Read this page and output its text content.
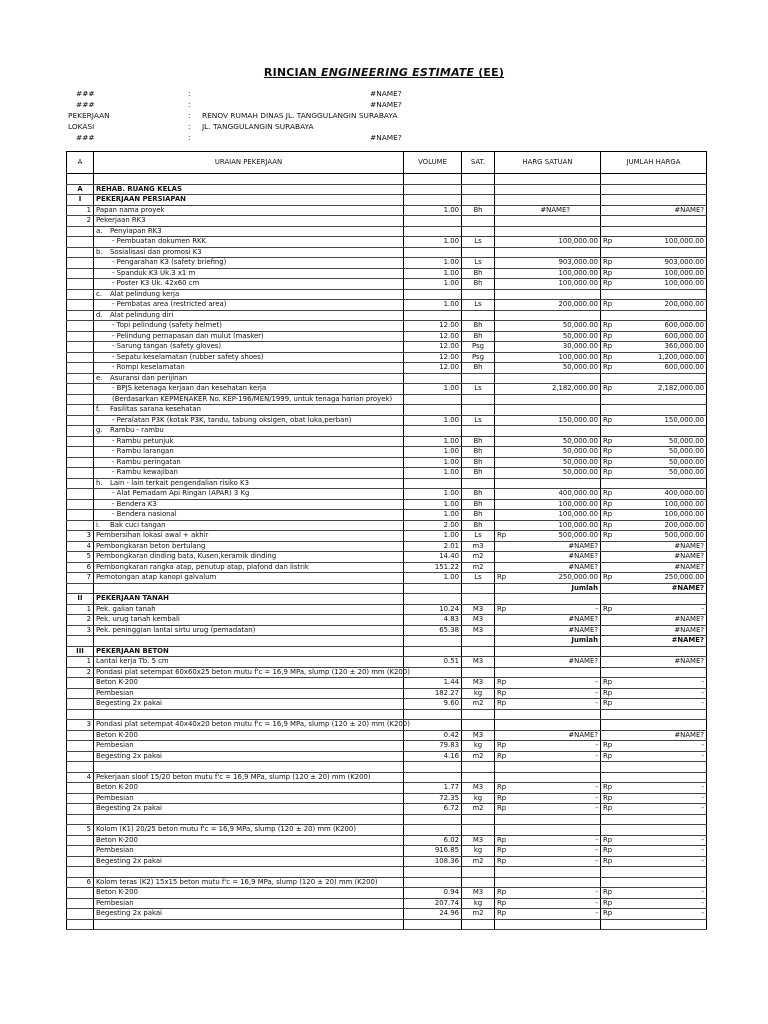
RINCIAN ENGINEERING ESTIMATE (EE)
###	:	#NAME?
###	:	#NAME?
PEKERJAAN	: RENOV RUMAH DINAS JL. TANGGULANGIN SURABAYA
LOKASI	: JL. TANGGULANGIN SURABAYA
###	:	#NAME?
A	URAIAN PEKERJAAN	VOLUME	SAT.	HARG SATUAN	JUMLAH HARGA

A	REHAB. RUANG KELAS				
I	PEKERJAAN PERSIAPAN				
1	Papan nama proyek	1.00	Bh	#NAME?	#NAME?
2	Pekerjaan RK3				
	a. Penyiapan RK3				
	- Pembuatan dokumen RKK	1.00	Ls	100,000.00	Rp 100,000.00

	b. Sosialisasi dan promosi K3				
	- Pengarahan K3 (safety briefing)	1.00	Ls	903,000.00	Rp 903,000.00

	- Spanduk K3 Uk.3 x1 m	1.00	Bh	100,000.00	Rp 100,000.00

	- Poster K3 Uk. 42x60 cm	1.00	Bh	100,000.00	Rp 100,000.00

	c. Alat pelindung kerja				
	- Pembatas area (restricted area)	1.00	Ls	200,000.00	Rp 200,000.00

	d. Alat pelindung diri				
	- Topi pelindung (safety helmet)	12.00	Bh	50,000.00	Rp 600,000.00

	- Pelindung pernapasan dan mulut (masker)	12.00	Bh	50,000.00	Rp 600,000.00

	- Sarung tangan (safety gloves)	12.00	Psg	30,000.00	Rp 360,000.00

	- Sepatu keselamatan (rubber safety shoes)	12.00	Psg	100,000.00	Rp 1,200,000.00

	- Rompi keselamatan	12.00	Bh	50,000.00	Rp 600,000.00

	e. Asuransi dan perijinan				
	- BPJS ketenaga kerjaan dan kesehatan kerja	1.00	Ls	2,182,000.00	Rp 2,182,000.00

	(Berdasarkan KEPMENAKER No. KEP-196/MEN/1999, untuk tenaga harian proyek)				
	f. Fasilitas sarana kesehatan				
	- Peralatan P3K (kotak P3K, tandu, tabung oksigen, obat luka,perban)	1.00	Ls	150,000.00	Rp 150,000.00

	g. Rambu - rambu				
	- Rambu petunjuk	1.00	Bh	50,000.00	Rp 50,000.00

	- Rambu larangan	1.00	Bh	50,000.00	Rp 50,000.00

	- Rambu peringatan	1.00	Bh	50,000.00	Rp 50,000.00

	- Rambu kewajiban	1.00	Bh	50,000.00	Rp 50,000.00

	h. Lain - lain terkait pengendalian risiko K3				
	- Alat Pemadam Api Ringan (APAR) 3 Kg	1.00	Bh	400,000.00	Rp 400,000.00

	- Bendera K3	1.00	Bh	100,000.00	Rp 100,000.00

	- Bendera nasional	1.00	Bh	100,000.00	Rp 100,000.00

	i. Bak cuci tangan	2.00	Bh	100,000.00	Rp 200,000.00

3	Pembersihan lokasi awal + akhir	1.00	Ls	Rp 500,000.00	Rp 500,000.00

4	Pembongkaran beton bertulang	2.01	m3	#NAME?	#NAME?
5	Pembongkaran dinding bata, Kusen,keramik dinding	14.40	m2	#NAME?	#NAME?
6	Pembongkaran rangka atap, penutup atap, plafond dan listrik	151.22	m2	#NAME?	#NAME?
7	Pemotongan atap kanopi galvalum	1.00	Ls	Rp 250,000.00	Rp 250,000.00

				Jumlah	#NAME?
II	PEKERJAAN TANAH				
1	Pek. galian tanah	10.24	M3	Rp -	Rp -

2	Pek. urug tanah kembali	4.83	M3	#NAME?	#NAME?
3	Pek. peninggian lantai sirtu urug (pemadatan)	65.38	M3	#NAME?	#NAME?
				Jumlah	#NAME?
III	PEKERJAAN BETON				
1	Lantai kerja Tb. 5 cm	0.51	M3	#NAME?	#NAME?
2	Pondasi plat setempat 60x60x25 beton mutu f'c = 16,9 MPa, slump (120 ± 20) mm (K200)				
	Beton K-200	1.44	M3	Rp -	Rp -

	Pembesian	182.27	kg	Rp -	Rp -

	Begesting 2x pakai	9.60	m2	Rp -	Rp -

3	Pondasi plat setempat 40x40x20 beton mutu f'c = 16,9 MPa, slump (120 ± 20) mm (K200)				
	Beton K-200	0.42	M3	#NAME?	#NAME?
	Pembesian	79.83	kg	Rp -	Rp -

	Begesting 2x pakai	4.16	m2	Rp -	Rp -

4	Pekerjaan sloof 15/20 beton mutu f'c = 16,9 MPa, slump (120 ± 20) mm (K200)				
	Beton K-200	1.77	M3	Rp -	Rp -

	Pembesian	72.35	kg	Rp -	Rp -

	Begesting 2x pakai	6.72	m2	Rp -	Rp -

5	Kolom (K1) 20/25 beton mutu f'c = 16,9 MPa, slump (120 ± 20) mm (K200)				
	Beton K-200	6.02	M3	Rp -	Rp -

	Pembesian	916.85	kg	Rp -	Rp -

	Begesting 2x pakai	108.36	m2	Rp -	Rp -

6	Kolom teras (K2) 15x15 beton mutu f'c = 16,9 MPa, slump (120 ± 20) mm (K200)				
	Beton K-200	0.94	M3	Rp -	Rp -

	Pembesian	207.74	kg	Rp -	Rp -

	Begesting 2x pakai	24.96	m2	Rp -	Rp -
